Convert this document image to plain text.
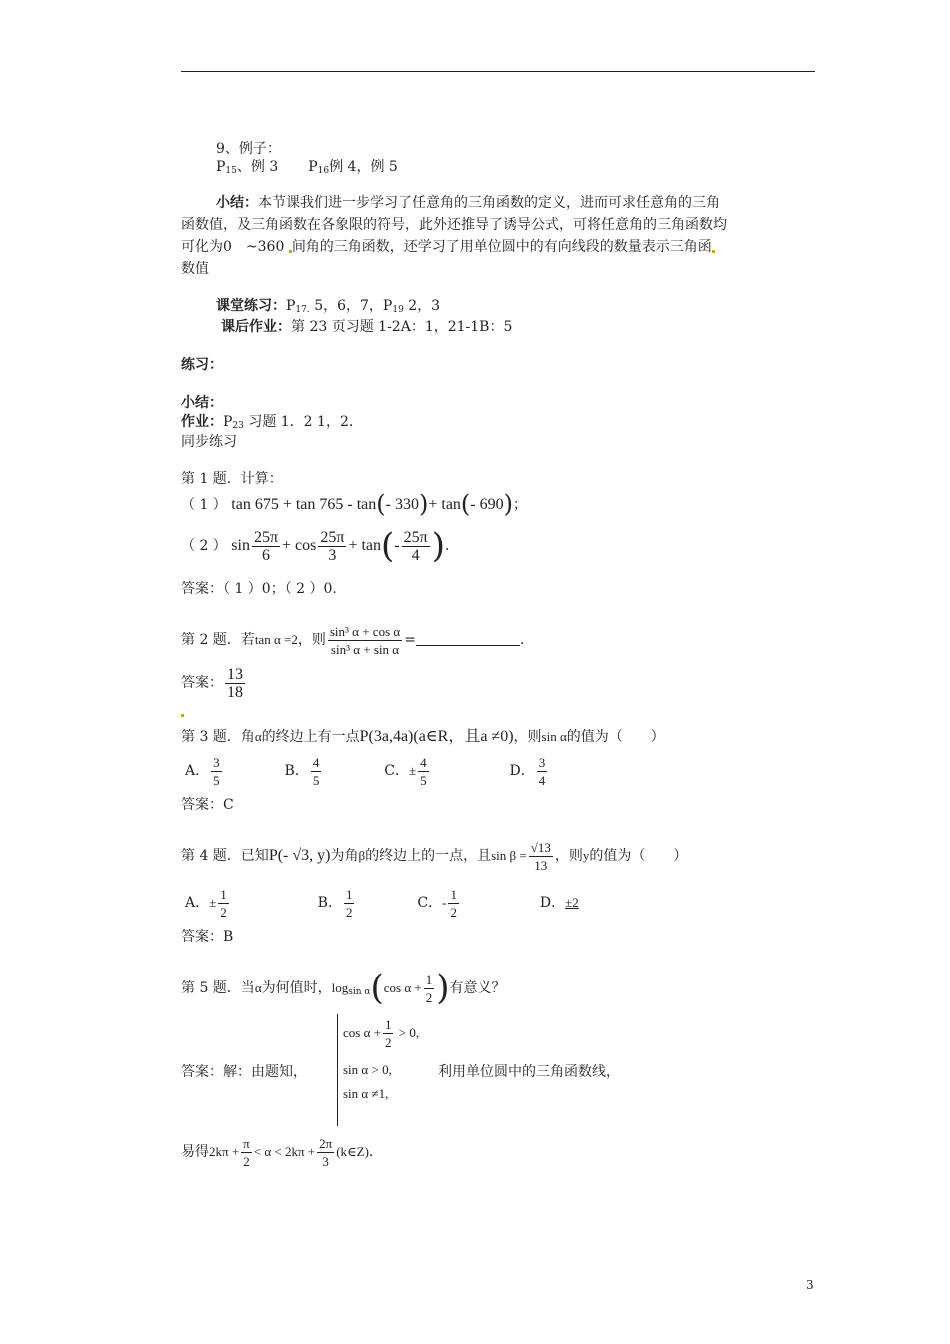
9、例子：
$P_{15}$、例 3 $P_{16}$例 4，例 5
小结：本节课我们进一步学习了任意角的三角函数的定义，进而可求任意角的三角
函数值，及三角函数在各象限的符号，此外还推导了诱导公式，可将任意角的三角函数均
可化为0　~360 间角的三角函数，还学习了用单位圆中的有向线段的数量表示三角函
数值
课堂练习：$P_{17.}$ 5，6，7，$P_{19}$ 2，3
课后作业：第 23 页习题 1-2A：1，21-1B：5
练习：
小结：
作业：$P_{23}$ 习题 1．2 1，2．
同步练习
第 1 题．计算：
（ 1 ） tan 675 + tan 765 - tan(- 330)+ tan(- 690)；
（ 2 ） $\sin \frac{25\pi}{6} + \cos \frac{25\pi}{3} + \tan(- \frac{25\pi}{4}$ )．
答案：（ 1 ）0；（ 2 ）0．
第 2 题．若tan α =2，则 $\frac{\text{sin³ α + cos α}}{\text{sin³ α + sin α}}$ =	．
答案： $\frac{13}{18}$
第 3 题．角α的终边上有一点P(3a,4a)(a∈R，且a ≠0)，则sin α的值为（　　）
A． $\frac{3}{5}$	B． $\frac{4}{5}$	C．± $\frac{4}{5}$	D． $\frac{3}{4}$
答案：C
第 4 题．已知P(- √3, y)为角β的终边上的一点，且$\sin \beta = \frac{√13}{13}$ ，则y的值为（　　）
A．± $\frac{1}{2}$	B． $\frac{1}{2}$	C．- $\frac{1}{2}$	D．±2
答案：B
第 5 题．当α为何值时，$\log_{sin \alpha}(\cos$ $\alpha + \frac{1}{2}$ )有意义？
答案：解：由题知，
$\cos \alpha + \frac{1}{2} > 0$,
sin α > 0,
sin α ≠1,
利用单位圆中的三角函数线，
易得$2k\pi + \frac{\pi}{2} < \alpha < 2k\pi + \frac{2\pi}{3}$ (k∈Z)．
3
